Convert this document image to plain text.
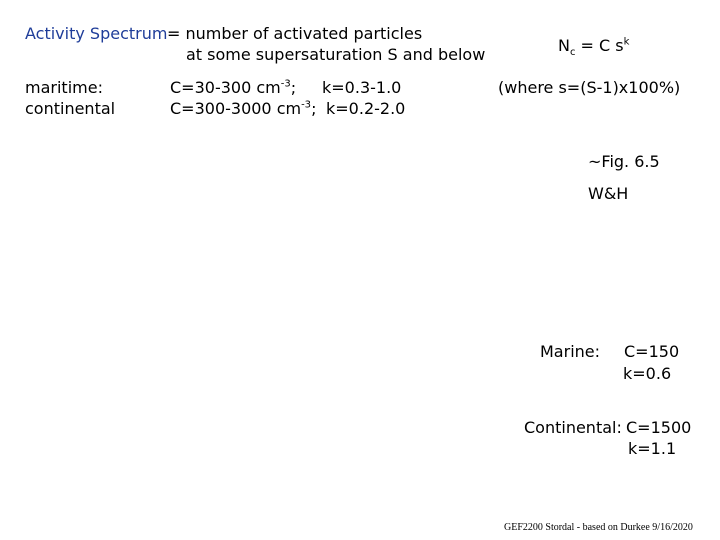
Activity Spectrum = number of activated particles
at some supersaturation S and below	$N_c = C$ $s^k$
maritime:
continental
C=30-300 $cm^{-3}$; k=0.3-1.0
C=300-3000 $cm^{-3}$; k=0.2-2.0
(where s=(S-1)x100%)
~Fig. 6.5
W&H
Marine: C=150
k=0.6
Continental: C=1500
k=1.1
GEF2200 Stordal - based on Durkee 9/16/2020
